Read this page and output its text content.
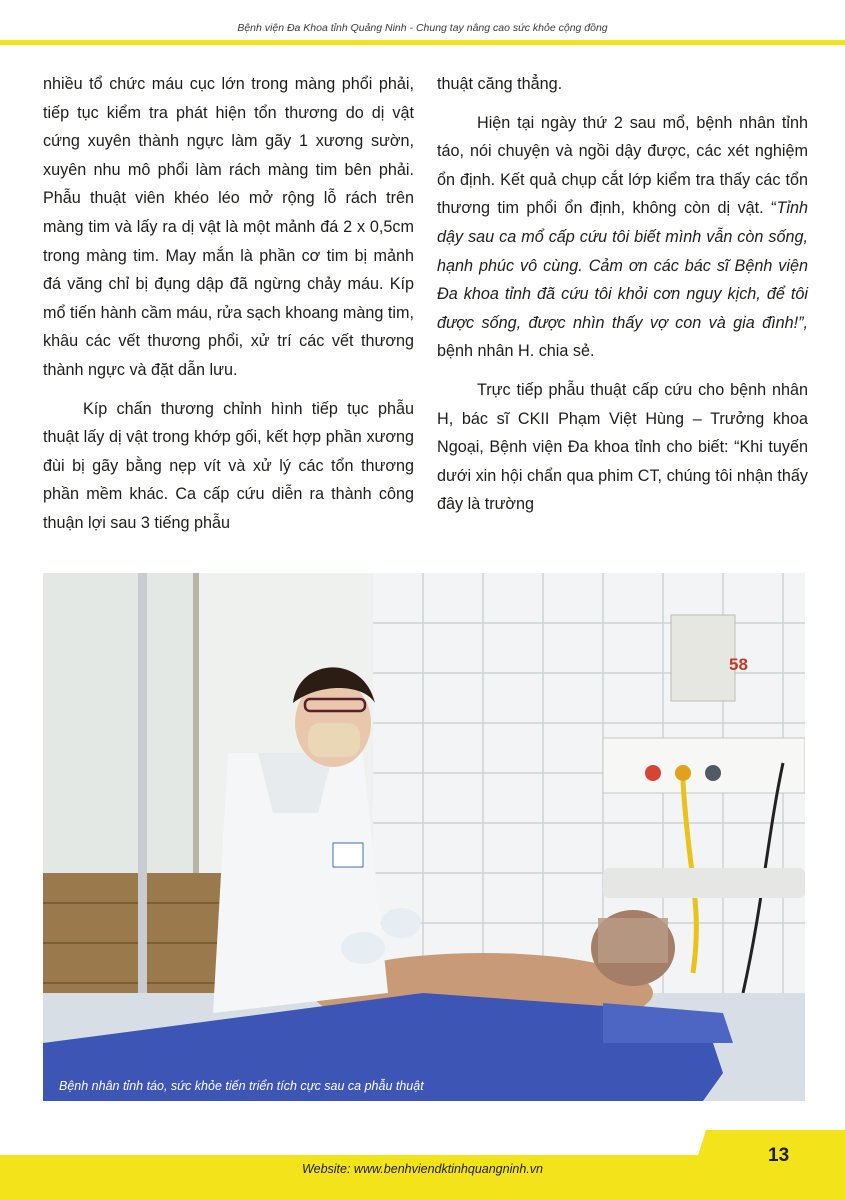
Bệnh viện Đa Khoa tỉnh Quảng Ninh - Chung tay nâng cao sức khỏe cộng đồng

nhiều tổ chức máu cục lớn trong màng phổi phải, tiếp tục kiểm tra phát hiện tổn thương do dị vật cứng xuyên thành ngực làm gãy 1 xương sườn, xuyên nhu mô phổi làm rách màng tim bên phải. Phẫu thuật viên khéo léo mở rộng lỗ rách trên màng tim và lấy ra dị vật là một mảnh đá 2 x 0,5cm trong màng tim. May mắn là phần cơ tim bị mảnh đá văng chỉ bị đụng dập đã ngừng chảy máu. Kíp mổ tiến hành cầm máu, rửa sạch khoang màng tim, khâu các vết thương phổi, xử trí các vết thương thành ngực và đặt dẫn lưu.

Kíp chấn thương chỉnh hình tiếp tục phẫu thuật lấy dị vật trong khớp gối, kết hợp phần xương đùi bị gãy bằng nẹp vít và xử lý các tổn thương phần mềm khác. Ca cấp cứu diễn ra thành công thuận lợi sau 3 tiếng phẫu

thuật căng thẳng.

Hiện tại ngày thứ 2 sau mổ, bệnh nhân tỉnh táo, nói chuyện và ngồi dậy được, các xét nghiệm ổn định. Kết quả chụp cắt lớp kiểm tra thấy các tổn thương tim phổi ổn định, không còn dị vật. “Tỉnh dậy sau ca mổ cấp cứu tôi biết mình vẫn còn sống, hạnh phúc vô cùng. Cảm ơn các bác sĩ Bệnh viện Đa khoa tỉnh đã cứu tôi khỏi cơn nguy kịch, để tôi được sống, được nhìn thấy vợ con và gia đình!”, bệnh nhân H. chia sẻ.

Trực tiếp phẫu thuật cấp cứu cho bệnh nhân H, bác sĩ CKII Phạm Việt Hùng – Trưởng khoa Ngoại, Bệnh viện Đa khoa tỉnh cho biết: “Khi tuyến dưới xin hội chẩn qua phim CT, chúng tôi nhận thấy đây là trường

58
Bệnh nhân tỉnh táo, sức khỏe tiến triển tích cực sau ca phẫu thuật
13
Website: www.benhviendktinhquangninh.vn
